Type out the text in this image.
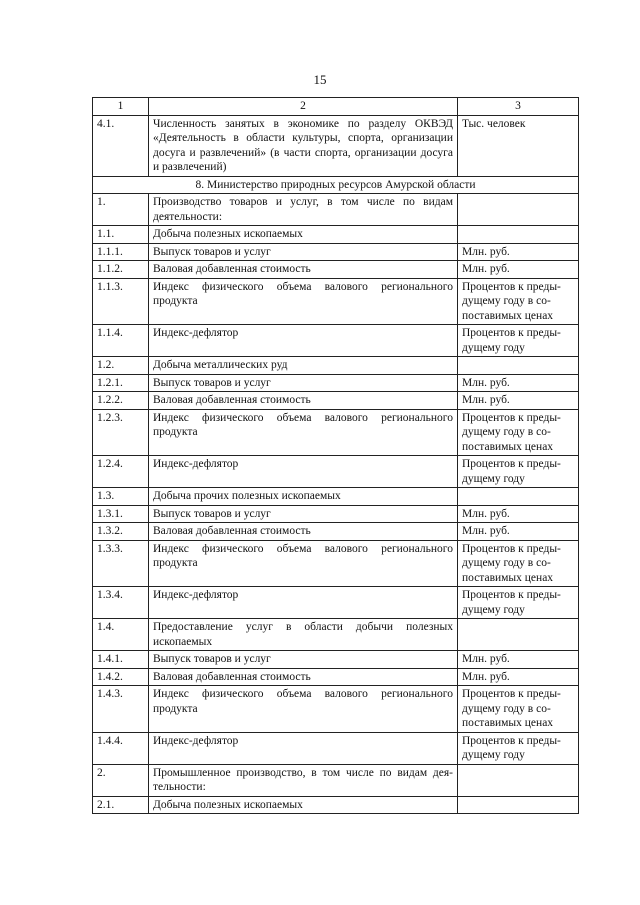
15
1	2	3
4.1.	Численность занятых в экономике по разделу ОКВЭД «Деятельность в области культуры, спорта, организации досуга и развлечений» (в части спорта, организации досуга и развлечений)	Тыс. человек
8. Министерство природных ресурсов Амурской области		
1.	Производство товаров и услуг, в том числе по видам деятельности:	
1.1.	Добыча полезных ископаемых	
1.1.1.	Выпуск товаров и услуг	Млн. руб.
1.1.2.	Валовая добавленная стоимость	Млн. руб.
1.1.3.	Индекс физического объема валового регионального продукта	Процентов к преды-дущему году в со-поставимых ценах
1.1.4.	Индекс-дефлятор	Процентов к преды-дущему году
1.2.	Добыча металлических руд	
1.2.1.	Выпуск товаров и услуг	Млн. руб.
1.2.2.	Валовая добавленная стоимость	Млн. руб.
1.2.3.	Индекс физического объема валового регионального продукта	Процентов к преды-дущему году в со-поставимых ценах
1.2.4.	Индекс-дефлятор	Процентов к преды-дущему году
1.3.	Добыча прочих полезных ископаемых	
1.3.1.	Выпуск товаров и услуг	Млн. руб.
1.3.2.	Валовая добавленная стоимость	Млн. руб.
1.3.3.	Индекс физического объема валового регионального продукта	Процентов к преды-дущему году в со-поставимых ценах
1.3.4.	Индекс-дефлятор	Процентов к преды-дущему году
1.4.	Предоставление услуг в области добычи полезных ископаемых	
1.4.1.	Выпуск товаров и услуг	Млн. руб.
1.4.2.	Валовая добавленная стоимость	Млн. руб.
1.4.3.	Индекс физического объема валового регионального продукта	Процентов к преды-дущему году в со-поставимых ценах
1.4.4.	Индекс-дефлятор	Процентов к преды-дущему году
2.	Промышленное производство, в том числе по видам дея-тельности:	
2.1.	Добыча полезных ископаемых	
